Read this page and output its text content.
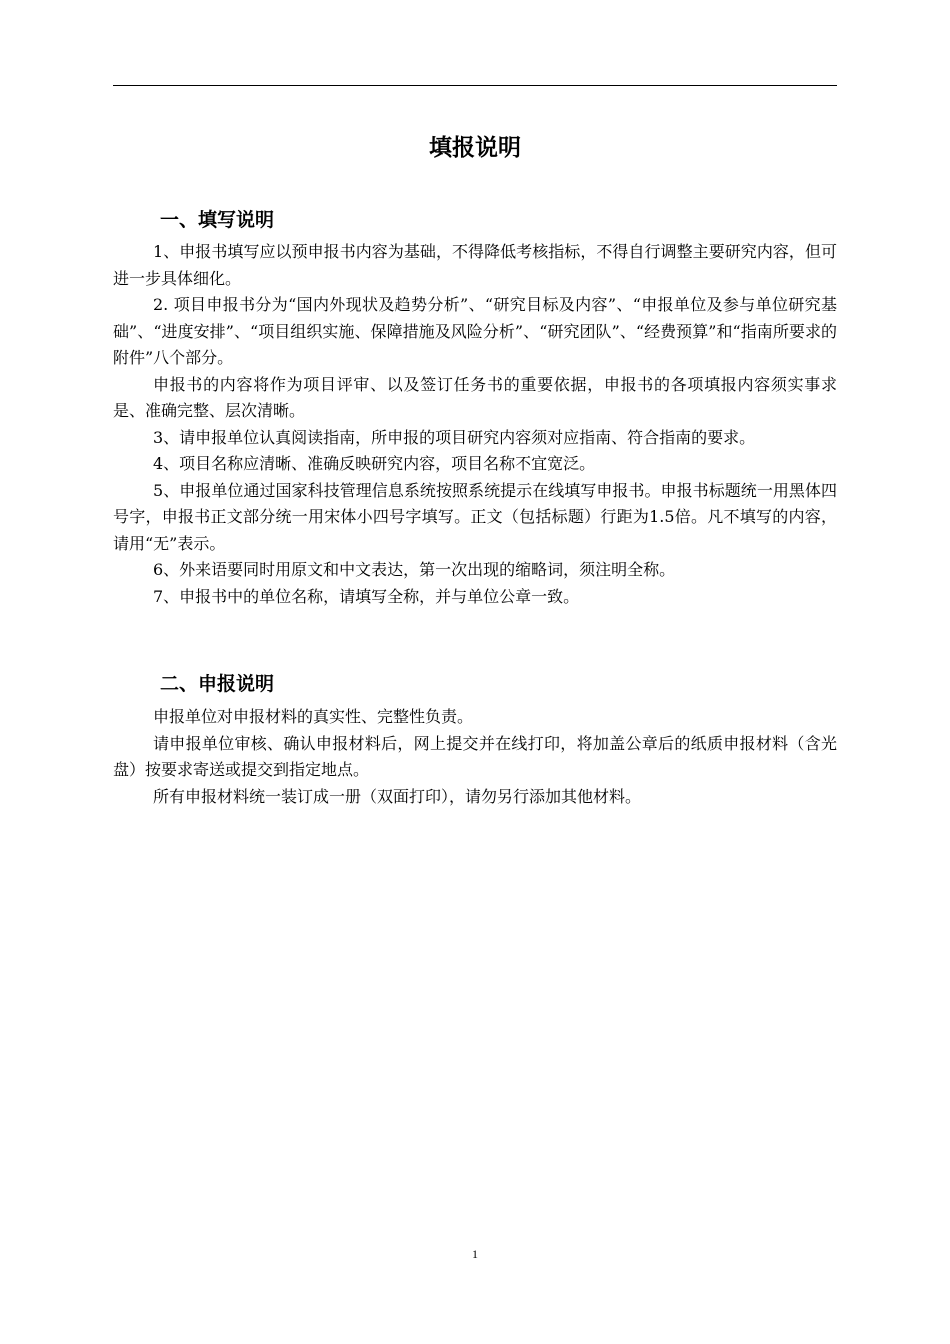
填报说明
一、填写说明

1、申报书填写应以预申报书内容为基础，不得降低考核指标，不得自行调整主要研究内容，但可进一步具体细化。

2. 项目申报书分为“国内外现状及趋势分析”、“研究目标及内容”、“申报单位及参与单位研究基础”、“进度安排”、“项目组织实施、保障措施及风险分析”、“研究团队”、“经费预算”和“指南所要求的附件”八个部分。

申报书的内容将作为项目评审、以及签订任务书的重要依据，申报书的各项填报内容须实事求是、准确完整、层次清晰。

3、请申报单位认真阅读指南，所申报的项目研究内容须对应指南、符合指南的要求。

4、项目名称应清晰、准确反映研究内容，项目名称不宜宽泛。

5、申报单位通过国家科技管理信息系统按照系统提示在线填写申报书。申报书标题统一用黑体四号字，申报书正文部分统一用宋体小四号字填写。正文（包括标题）行距为1.5倍。凡不填写的内容，请用“无”表示。

6、外来语要同时用原文和中文表达，第一次出现的缩略词，须注明全称。

7、申报书中的单位名称，请填写全称，并与单位公章一致。

二、申报说明

申报单位对申报材料的真实性、完整性负责。

请申报单位审核、确认申报材料后，网上提交并在线打印，将加盖公章后的纸质申报材料（含光盘）按要求寄送或提交到指定地点。

所有申报材料统一装订成一册（双面打印），请勿另行添加其他材料。

1
